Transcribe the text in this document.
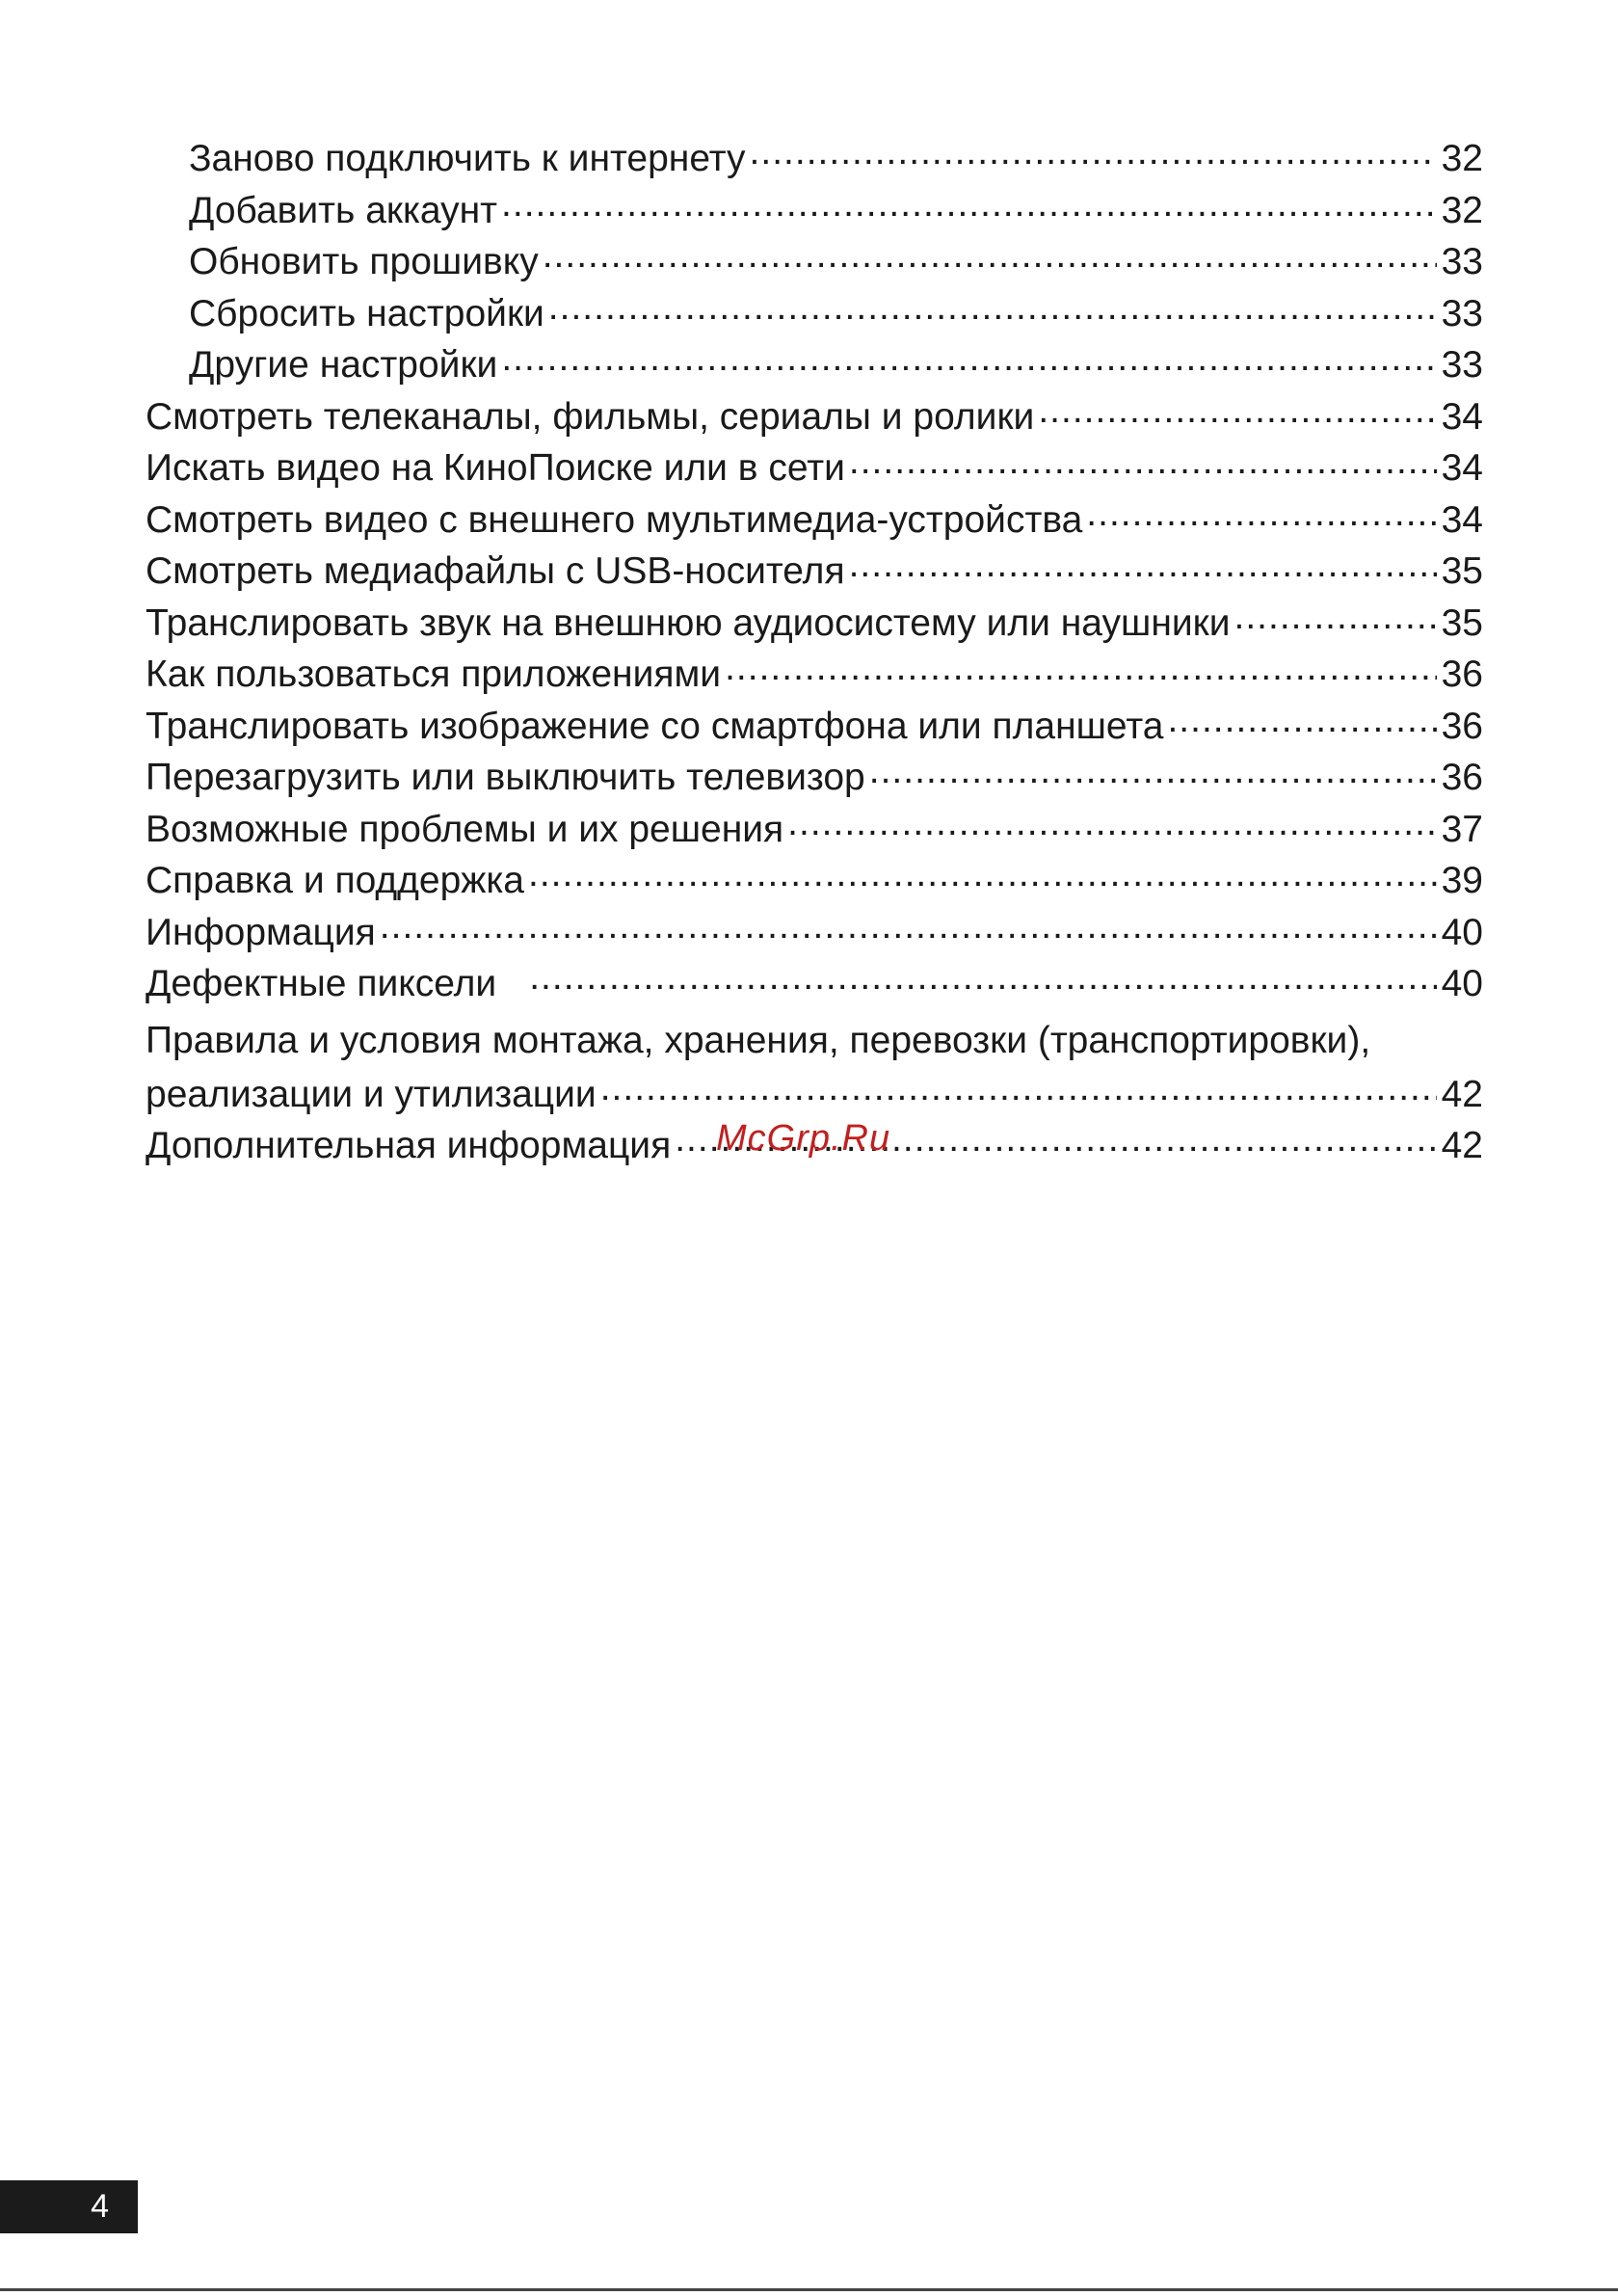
Заново подключить к интернету .....	32
Добавить аккаунт .....	32
Обновить прошивку .....	33
Сбросить настройки .....	33
Другие настройки .....	33
Смотреть телеканалы, фильмы, сериалы и ролики .....	34
Искать видео на КиноПоиске или в сети .....	34
Смотреть видео с внешнего мультимедиа-устройства .....	34
Смотреть медиафайлы с USB-носителя .....	35
Транслировать звук на внешнюю аудиосистему или наушники .....	35
Как пользоваться приложениями .....	36
Транслировать изображение со смартфона или планшета .....	36
Перезагрузить или выключить телевизор .....	36
Возможные проблемы и их решения .....	37
Справка и поддержка .....	39
Информация .....	40
Дефектные пиксели .....	40
Правила и условия монтажа, хранения, перевозки (транспортировки),
реализации и утилизации .....	42
Дополнительная информация .....	42
McGrp.Ru
4
